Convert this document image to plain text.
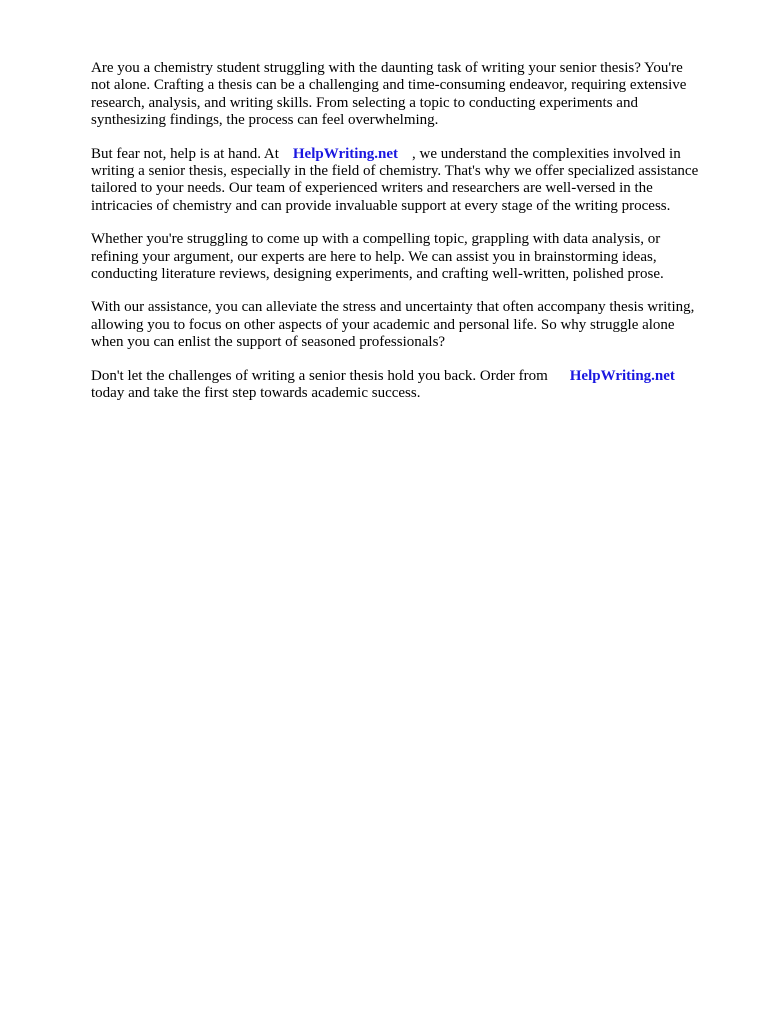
Are you a chemistry student struggling with the daunting task of writing your senior thesis? You're
not alone. Crafting a thesis can be a challenging and time-consuming endeavor, requiring extensive
research, analysis, and writing skills. From selecting a topic to conducting experiments and
synthesizing findings, the process can feel overwhelming.

But fear not, help is at hand. At HelpWriting.net , we understand the complexities involved in
writing a senior thesis, especially in the field of chemistry. That's why we offer specialized assistance
tailored to your needs. Our team of experienced writers and researchers are well-versed in the
intricacies of chemistry and can provide invaluable support at every stage of the writing process.

Whether you're struggling to come up with a compelling topic, grappling with data analysis, or
refining your argument, our experts are here to help. We can assist you in brainstorming ideas,
conducting literature reviews, designing experiments, and crafting well-written, polished prose.

With our assistance, you can alleviate the stress and uncertainty that often accompany thesis writing,
allowing you to focus on other aspects of your academic and personal life. So why struggle alone
when you can enlist the support of seasoned professionals?

Don't let the challenges of writing a senior thesis hold you back. Order from HelpWriting.net
today and take the first step towards academic success.
